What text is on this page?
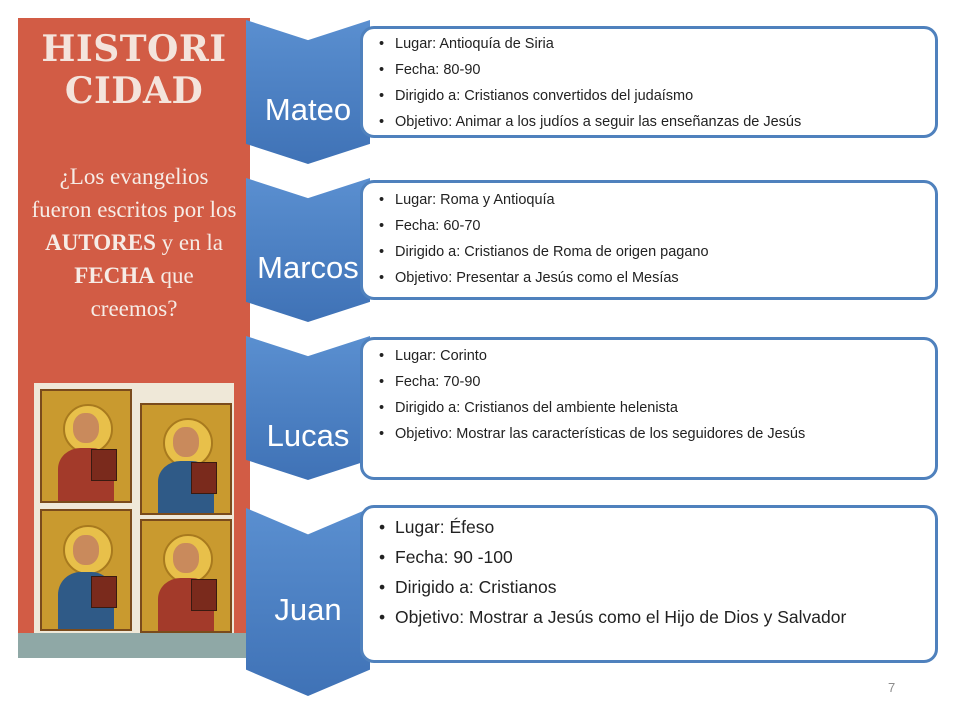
HISTORI
CIDAD
¿Los evangelios fueron escritos por los AUTORES y en la FECHA que creemos?
Mateo
• Lugar: Antioquía de Siria
• Fecha: 80-90
• Dirigido a: Cristianos convertidos del judaísmo
• Objetivo: Animar a los judíos a seguir las enseñanzas de Jesús
Marcos
• Lugar: Roma y Antioquía
• Fecha: 60-70
• Dirigido a: Cristianos de Roma de origen pagano
• Objetivo: Presentar a Jesús como el Mesías
Lucas
• Lugar: Corinto
• Fecha: 70-90
• Dirigido a: Cristianos del ambiente helenista
• Objetivo: Mostrar las características de los seguidores de Jesús
Juan
• Lugar: Éfeso
• Fecha: 90 -100
• Dirigido a: Cristianos
• Objetivo: Mostrar a Jesús como el Hijo de Dios y Salvador
7
